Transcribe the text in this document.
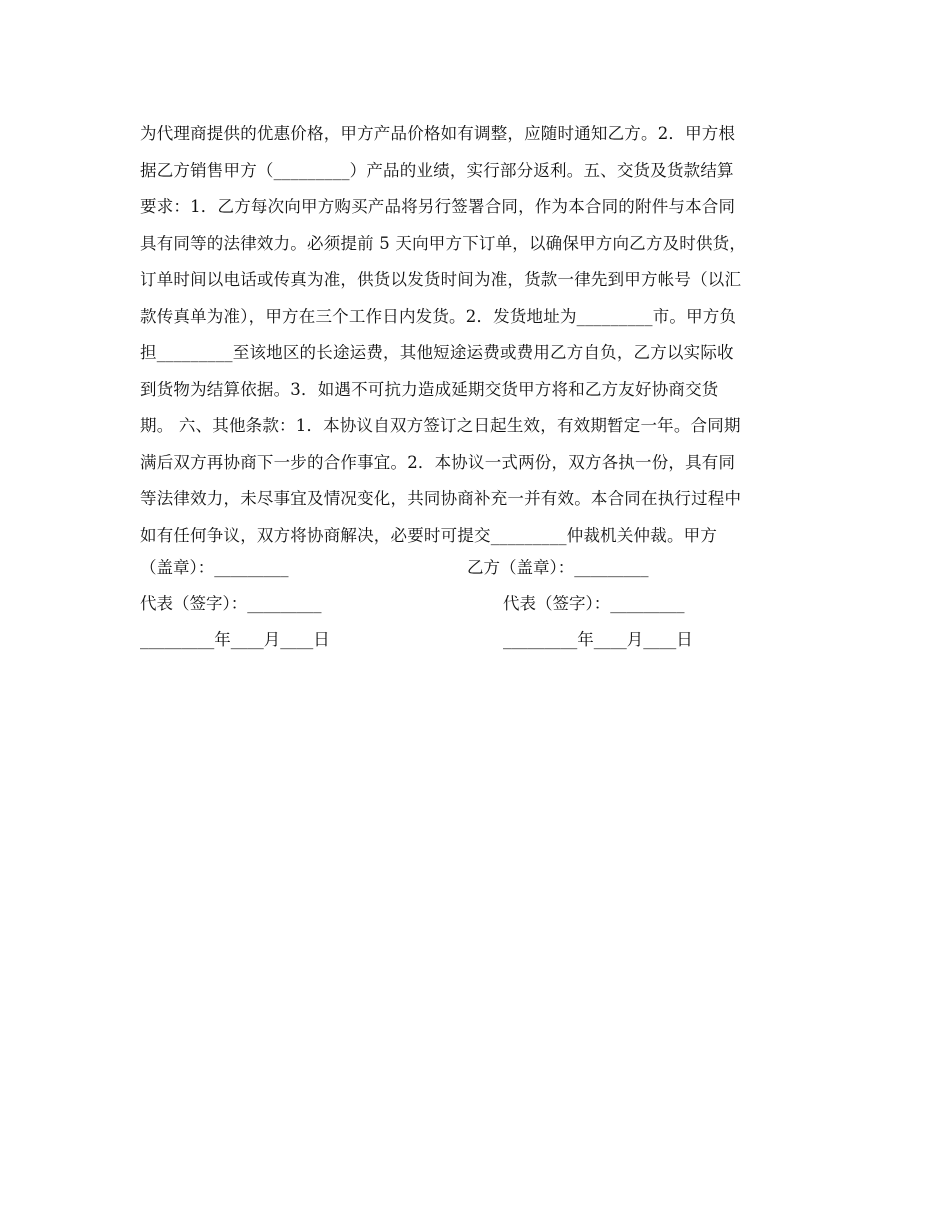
为代理商提供的优惠价格，甲方产品价格如有调整，应随时通知乙方。2．甲方根
据乙方销售甲方（_________）产品的业绩，实行部分返利。五、交货及货款结算
要求：1．乙方每次向甲方购买产品将另行签署合同，作为本合同的附件与本合同
具有同等的法律效力。必须提前 5 天向甲方下订单，以确保甲方向乙方及时供货，
订单时间以电话或传真为准，供货以发货时间为准，货款一律先到甲方帐号（以汇
款传真单为准），甲方在三个工作日内发货。2．发货地址为_________市。甲方负
担_________至该地区的长途运费，其他短途运费或费用乙方自负，乙方以实际收
到货物为结算依据。3．如遇不可抗力造成延期交货甲方将和乙方友好协商交货
期。 六、其他条款：1．本协议自双方签订之日起生效，有效期暂定一年。合同期
满后双方再协商下一步的合作事宜。2．本协议一式两份，双方各执一份，具有同
等法律效力，未尽事宜及情况变化，共同协商补充一并有效。本合同在执行过程中
如有任何争议，双方将协商解决，必要时可提交_________仲裁机关仲裁。甲方
（盖章）：_________	乙方（盖章）：_________
代表（签字）：_________	代表（签字）：_________
_________年____月____日	_________年____月____日
